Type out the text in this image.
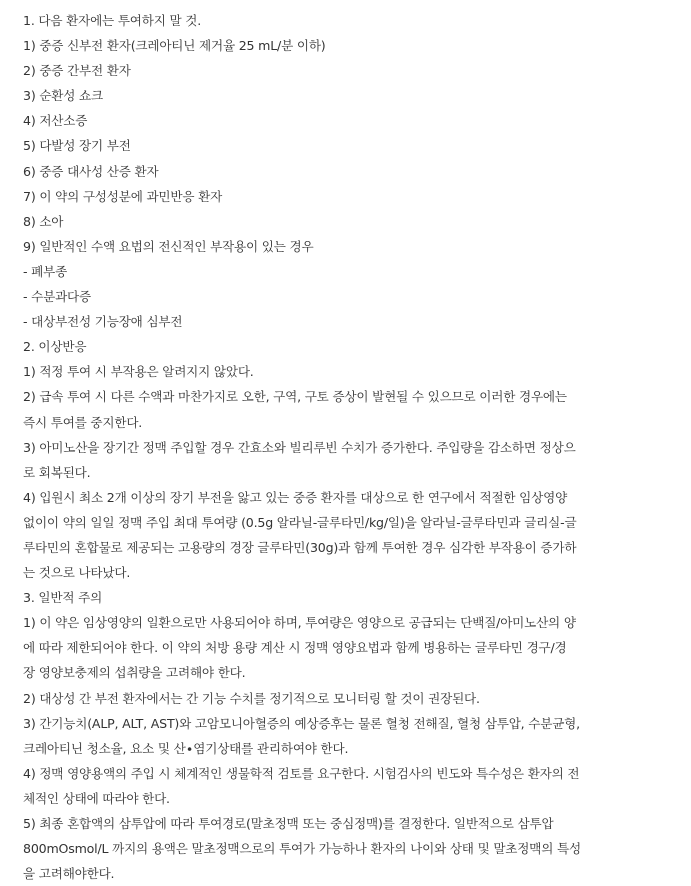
1. 다음 환자에는 투여하지 말 것.

1) 중증 신부전 환자(크레아티닌 제거율 25 mL/분 이하)

2) 중증 간부전 환자

3) 순환성 쇼크

4) 저산소증

5) 다발성 장기 부전

6) 중증 대사성 산증 환자

7) 이 약의 구성성분에 과민반응 환자

8) 소아

9) 일반적인 수액 요법의 전신적인 부작용이 있는 경우

- 폐부종

- 수분과다증

- 대상부전성 기능장애 심부전

2. 이상반응

1) 적정 투여 시 부작용은 알려지지 않았다.

2) 급속 투여 시 다른 수액과 마찬가지로 오한, 구역, 구토 증상이 발현될 수 있으므로 이러한 경우에는

즉시 투여를 중지한다.

3) 아미노산을 장기간 정맥 주입할 경우 간효소와 빌리루빈 수치가 증가한다. 주입량을 감소하면 정상으

로 회복된다.

4) 입원시 최소 2개 이상의 장기 부전을 앓고 있는 중증 환자를 대상으로 한 연구에서 적절한 임상영양

없이이 약의 일일 정맥 주입 최대 투여량 (0.5g 알라닐-글루타민/kg/일)을 알라닐-글루타민과 글리실-글

루타민의 혼합물로 제공되는 고용량의 경장 글루타민(30g)과 함께 투여한 경우 심각한 부작용이 증가하

는 것으로 나타났다.

3. 일반적 주의

1) 이 약은 임상영양의 일환으로만 사용되어야 하며, 투여량은 영양으로 공급되는 단백질/아미노산의 양

에 따라 제한되어야 한다. 이 약의 처방 용량 계산 시 정맥 영양요법과 함께 병용하는 글루타민 경구/경

장 영양보충제의 섭취량을 고려해야 한다.

2) 대상성 간 부전 환자에서는 간 기능 수치를 정기적으로 모니터링 할 것이 권장된다.

3) 간기능치(ALP, ALT, AST)와 고암모니아혈증의 예상증후는 물론 혈청 전해질, 혈청 삼투압, 수분균형,

크레아티닌 청소율, 요소 및 산∙염기상태를 관리하여야 한다.

4) 정맥 영양용액의 주입 시 체계적인 생물학적 검토를 요구한다. 시험검사의 빈도와 특수성은 환자의 전

체적인 상태에 따라야 한다.

5) 최종 혼합액의 삼투압에 따라 투여경로(말초정맥 또는 중심정맥)를 결정한다. 일반적으로 삼투압

800mOsmol/L 까지의 용액은 말초정맥으로의 투여가 가능하나 환자의 나이와 상태 및 말초정맥의 특성

을 고려해야한다.
